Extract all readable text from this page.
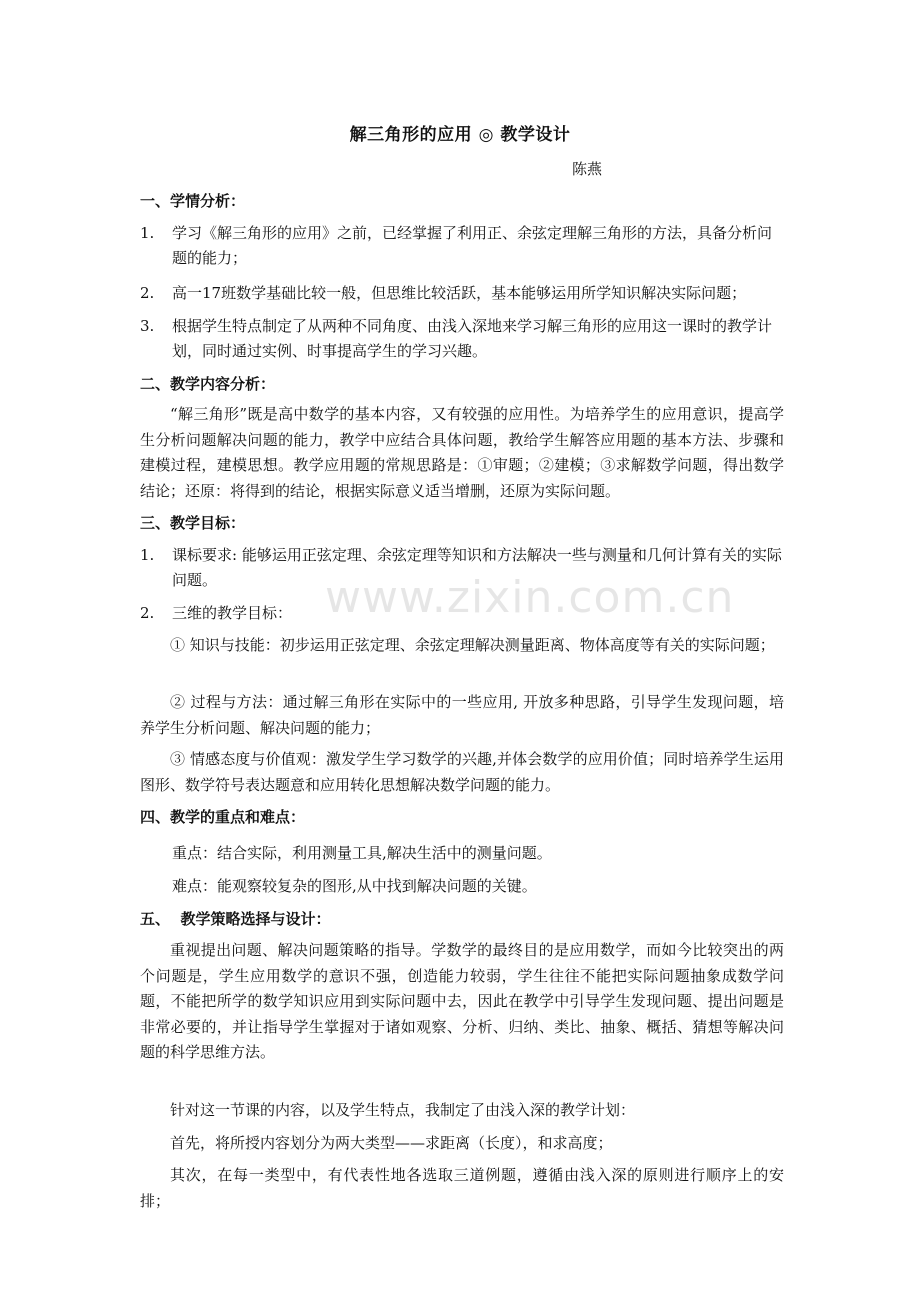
www.zixin.com.cn
解三角形的应用 ◎ 教学设计
陈燕
一、学情分析：
1. 学习《解三角形的应用》之前，已经掌握了利用正、余弦定理解三角形的方法，具备分析问题的能力；
2. 高一17班数学基础比较一般，但思维比较活跃，基本能够运用所学知识解决实际问题；
3. 根据学生特点制定了从两种不同角度、由浅入深地来学习解三角形的应用这一课时的教学计划，同时通过实例、时事提高学生的学习兴趣。
二、教学内容分析：
“解三角形”既是高中数学的基本内容，又有较强的应用性。为培养学生的应用意识，提高学生分析问题解决问题的能力，教学中应结合具体问题，教给学生解答应用题的基本方法、步骤和建模过程，建模思想。教学应用题的常规思路是：①审题；②建模；③求解数学问题，得出数学结论；还原：将得到的结论，根据实际意义适当增删，还原为实际问题。
三、教学目标：
1. 课标要求: 能够运用正弦定理、余弦定理等知识和方法解决一些与测量和几何计算有关的实际问题。
2. 三维的教学目标：
① 知识与技能：初步运用正弦定理、余弦定理解决测量距离、物体高度等有关的实际问题；
② 过程与方法：通过解三角形在实际中的一些应用, 开放多种思路，引导学生发现问题，培养学生分析问题、解决问题的能力；
③ 情感态度与价值观：激发学生学习数学的兴趣,并体会数学的应用价值；同时培养学生运用图形、数学符号表达题意和应用转化思想解决数学问题的能力。
四、教学的重点和难点：
重点：结合实际，利用测量工具,解决生活中的测量问题。
难点：能观察较复杂的图形,从中找到解决问题的关键。
五、  教学策略选择与设计：
重视提出问题、解决问题策略的指导。学数学的最终目的是应用数学，而如今比较突出的两个问题是，学生应用数学的意识不强，创造能力较弱，学生往往不能把实际问题抽象成数学问题，不能把所学的数学知识应用到实际问题中去，因此在教学中引导学生发现问题、提出问题是非常必要的，并让指导学生掌握对于诸如观察、分析、归纳、类比、抽象、概括、猜想等解决问题的科学思维方法。
针对这一节课的内容，以及学生特点，我制定了由浅入深的教学计划：
首先，将所授内容划分为两大类型——求距离（长度），和求高度；
其次，在每一类型中，有代表性地各选取三道例题，遵循由浅入深的原则进行顺序上的安排；
